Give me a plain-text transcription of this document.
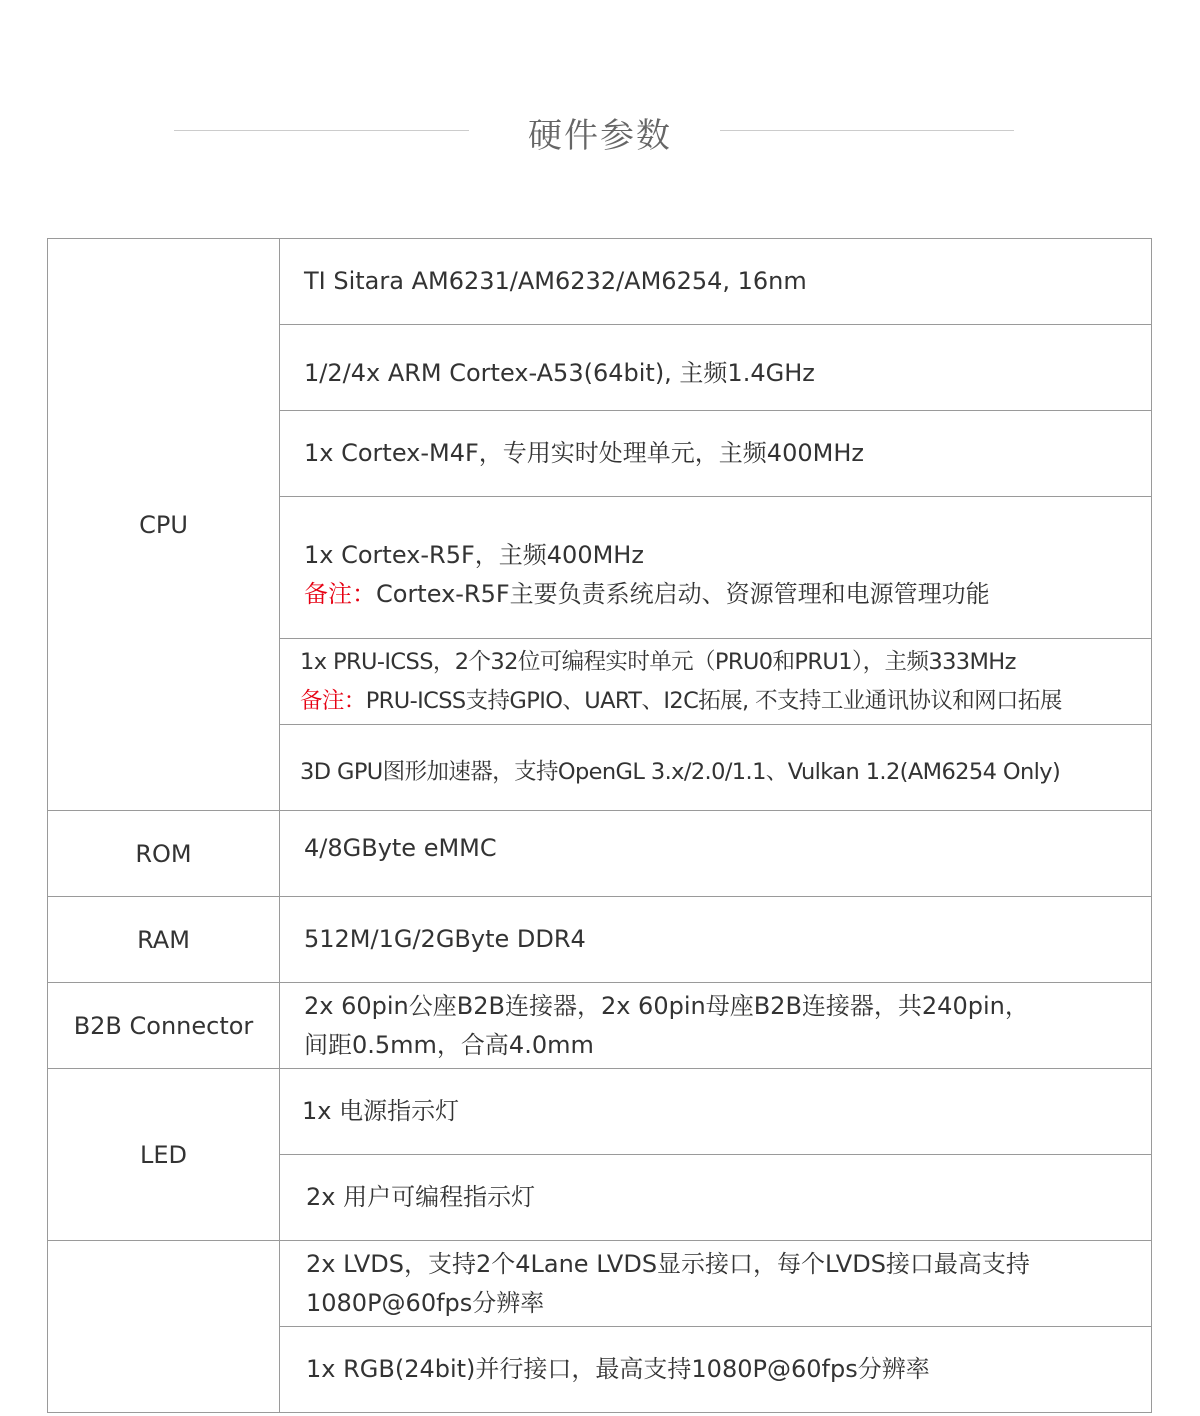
硬件参数
CPU	TI Sitara AM6231/AM6232/AM6254, 16nm

	1/2/4x ARM Cortex-A53(64bit), 主频1.4GHz

	1x Cortex-M4F，专用实时处理单元，主频400MHz

	1x Cortex-R5F，主频400MHz
备注：Cortex-R5F主要负责系统启动、资源管理和电源管理功能

	1x PRU-ICSS，2个32位可编程实时单元（PRU0和PRU1），主频333MHz
备注：PRU-ICSS支持GPIO、UART、I2C拓展, 不支持工业通讯协议和网口拓展

	3D GPU图形加速器，支持OpenGL 3.x/2.0/1.1、Vulkan 1.2(AM6254 Only)

ROM	4/8GByte eMMC

RAM	512M/1G/2GByte DDR4

B2B Connector	2x 60pin公座B2B连接器，2x 60pin母座B2B连接器，共240pin，
间距0.5mm，合高4.0mm

LED	1x 电源指示灯

	2x 用户可编程指示灯

	2x LVDS，支持2个4Lane LVDS显示接口，每个LVDS接口最高支持
1080P@60fps分辨率

	1x RGB(24bit)并行接口，最高支持1080P@60fps分辨率
